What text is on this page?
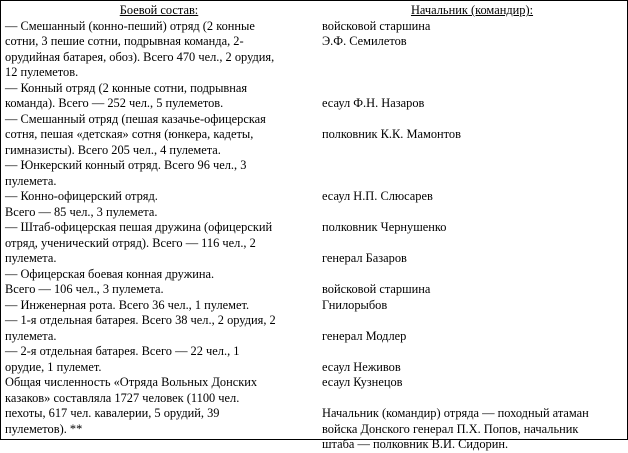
Боевой состав:
— Смешанный (конно-пеший) отряд (2 конные
сотни, 3 пешие сотни, подрывная команда, 2-
орудийная батарея, обоз). Всего 470 чел., 2 орудия,
12 пулеметов.
— Конный отряд (2 конные сотни, подрывная
команда). Всего — 252 чел., 5 пулеметов.
— Смешанный отряд (пешая казачье-офицерская
сотня, пешая «детская» сотня (юнкера, кадеты,
гимназисты). Всего 205 чел., 4 пулемета.
— Юнкерский конный отряд. Всего 96 чел., 3
пулемета.
— Конно-офицерский отряд.
Всего — 85 чел., 3 пулемета.
— Штаб-офицерская пешая дружина (офицерский
отряд, ученический отряд). Всего — 116 чел., 2
пулемета.
— Офицерская боевая конная дружина.
Всего — 106 чел., 3 пулемета.
— Инженерная рота. Всего 36 чел., 1 пулемет.
— 1-я отдельная батарея. Всего 38 чел., 2 орудия, 2
пулемета.
— 2-я отдельная батарея. Всего — 22 чел., 1
орудие, 1 пулемет.
Общая численность «Отряда Вольных Донских
казаков» составляла 1727 человек (1100 чел.
пехоты, 617 чел. кавалерии, 5 орудий, 39
пулеметов). **
Начальник (командир):
войсковой старшина
Э.Ф. Семилетов
есаул Ф.Н. Назаров
полковник К.К. Мамонтов
есаул Н.П. Слюсарев
полковник Чернушенко
генерал Базаров
войсковой старшина
Гнилорыбов
генерал Модлер
есаул Неживов
есаул Кузнецов
Начальник (командир) отряда — походный атаман
войска Донского генерал П.Х. Попов, начальник
штаба — полковник В.И. Сидорин.
